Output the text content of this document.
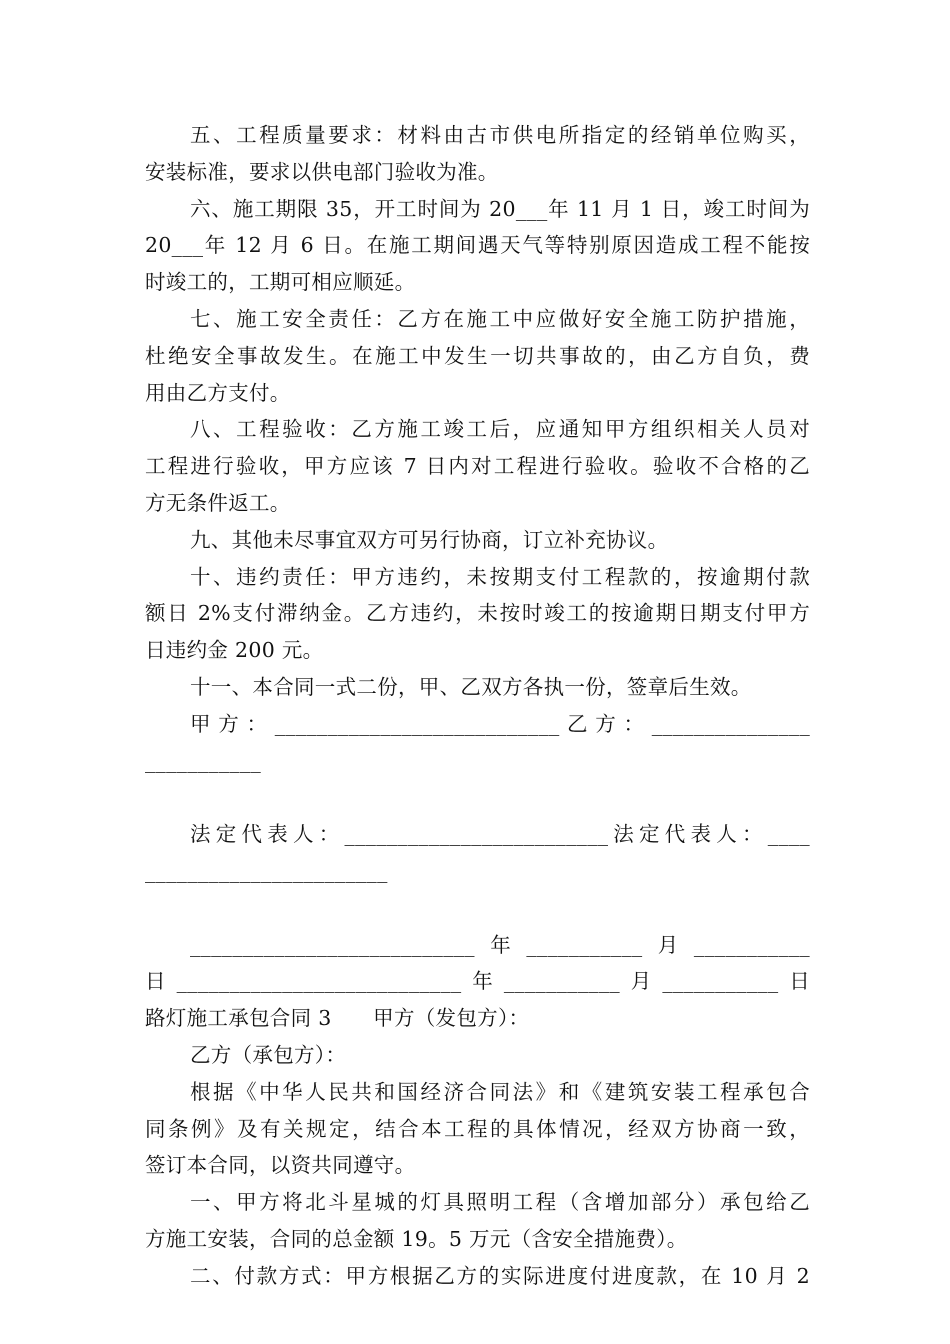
五、工程质量要求：材料由古市供电所指定的经销单位购买，
安装标准，要求以供电部门验收为准。
六、施工期限 35，开工时间为 20___年 11 月 1 日，竣工时间为
20___年 12 月 6 日。在施工期间遇天气等特别原因造成工程不能按
时竣工的，工期可相应顺延。
七、施工安全责任：乙方在施工中应做好安全施工防护措施，
杜绝安全事故发生。在施工中发生一切共事故的，由乙方自负，费
用由乙方支付。
八、工程验收：乙方施工竣工后，应通知甲方组织相关人员对
工程进行验收，甲方应该 7 日内对工程进行验收。验收不合格的乙
方无条件返工。
九、其他未尽事宜双方可另行协商，订立补充协议。
十、违约责任：甲方违约，未按期支付工程款的，按逾期付款
额日 2%支付滞纳金。乙方违约，未按时竣工的按逾期日期支付甲方
日违约金 200 元。
十一、本合同一式二份，甲、乙双方各执一份，签章后生效。
甲方：___________________________乙方：_______________
___________
法定代表人：_________________________法定代表人：____
_______________________
___________________________年___________月___________
日___________________________年___________月___________日
路灯施工承包合同 3　　甲方（发包方）：
乙方（承包方）：
根据《中华人民共和国经济合同法》和《建筑安装工程承包合
同条例》及有关规定，结合本工程的具体情况，经双方协商一致，
签订本合同，以资共同遵守。
一、甲方将北斗星城的灯具照明工程（含增加部分）承包给乙
方施工安装，合同的总金额 19。5 万元（含安全措施费）。
二、付款方式：甲方根据乙方的实际进度付进度款，在 10 月 2
